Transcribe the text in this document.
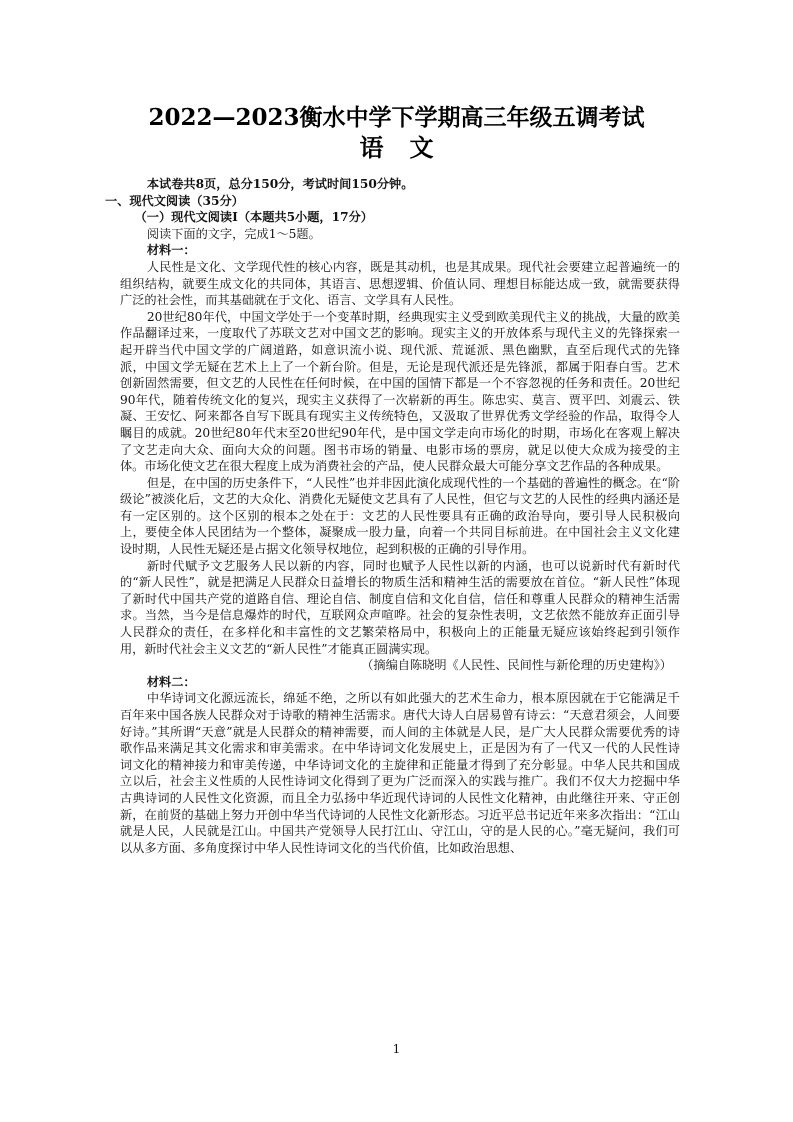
2022—2023衡水中学下学期高三年级五调考试
语文

本试卷共8页，总分150分，考试时间150分钟。

一、现代文阅读（35分）

（一）现代文阅读Ⅰ（本题共5小题，17分）

阅读下面的文字，完成1～5题。

材料一：

人民性是文化、文学现代性的核心内容，既是其动机，也是其成果。现代社会要建立起普遍统一的组织结构，就要生成文化的共同体，其语言、思想逻辑、价值认同、理想目标能达成一致，就需要获得广泛的社会性，而其基础就在于文化、语言、文学具有人民性。

20世纪80年代，中国文学处于一个变革时期，经典现实主义受到欧美现代主义的挑战，大量的欧美作品翻译过来，一度取代了苏联文艺对中国文艺的影响。现实主义的开放体系与现代主义的先锋探索一起开辟当代中国文学的广阔道路，如意识流小说、现代派、荒诞派、黑色幽默，直至后现代式的先锋派，中国文学无疑在艺术上上了一个新台阶。但是，无论是现代派还是先锋派，都属于阳春白雪。艺术创新固然需要，但文艺的人民性在任何时候，在中国的国情下都是一个不容忽视的任务和责任。20世纪90年代，随着传统文化的复兴，现实主义获得了一次崭新的再生。陈忠实、莫言、贾平凹、刘震云、铁凝、王安忆、阿来都各自写下既具有现实主义传统特色，又汲取了世界优秀文学经验的作品，取得令人瞩目的成就。20世纪80年代末至20世纪90年代，是中国文学走向市场化的时期，市场化在客观上解决了文艺走向大众、面向大众的问题。图书市场的销量、电影市场的票房，就足以使大众成为接受的主体。市场化使文艺在很大程度上成为消费社会的产品，使人民群众最大可能分享文艺作品的各种成果。

但是，在中国的历史条件下，“人民性”也并非因此演化成现代性的一个基础的普遍性的概念。在“阶级论”被淡化后，文艺的大众化、消费化无疑使文艺具有了人民性，但它与文艺的人民性的经典内涵还是有一定区别的。这个区别的根本之处在于：文艺的人民性要具有正确的政治导向，要引导人民积极向上，要使全体人民团结为一个整体，凝聚成一股力量，向着一个共同目标前进。在中国社会主义文化建设时期，人民性无疑还是占据文化领导权地位，起到积极的正确的引导作用。

新时代赋予文艺服务人民以新的内容，同时也赋予人民性以新的内涵，也可以说新时代有新时代的“新人民性”，就是把满足人民群众日益增长的物质生活和精神生活的需要放在首位。“新人民性”体现了新时代中国共产党的道路自信、理论自信、制度自信和文化自信，信任和尊重人民群众的精神生活需求。当然，当今是信息爆炸的时代，互联网众声喧哗。社会的复杂性表明，文艺依然不能放弃正面引导人民群众的责任，在多样化和丰富性的文艺繁荣格局中，积极向上的正能量无疑应该始终起到引领作用，新时代社会主义文艺的“新人民性”才能真正圆满实现。

（摘编自陈晓明《人民性、民间性与新伦理的历史建构》）

材料二：

中华诗词文化源远流长，绵延不绝，之所以有如此强大的艺术生命力，根本原因就在于它能满足千百年来中国各族人民群众对于诗歌的精神生活需求。唐代大诗人白居易曾有诗云：“天意君须会，人间要好诗。”其所谓“天意”就是人民群众的精神需要，而人间的主体就是人民，是广大人民群众需要优秀的诗歌作品来满足其文化需求和审美需求。在中华诗词文化发展史上，正是因为有了一代又一代的人民性诗词文化的精神接力和审美传递，中华诗词文化的主旋律和正能量才得到了充分彰显。中华人民共和国成立以后，社会主义性质的人民性诗词文化得到了更为广泛而深入的实践与推广。我们不仅大力挖掘中华古典诗词的人民性文化资源，而且全力弘扬中华近现代诗词的人民性文化精神，由此继往开来、守正创新，在前贤的基础上努力开创中华当代诗词的人民性文化新形态。习近平总书记近年来多次指出：“江山就是人民，人民就是江山。中国共产党领导人民打江山、守江山，守的是人民的心。”毫无疑问，我们可以从多方面、多角度探讨中华人民性诗词文化的当代价值，比如政治思想、

1
